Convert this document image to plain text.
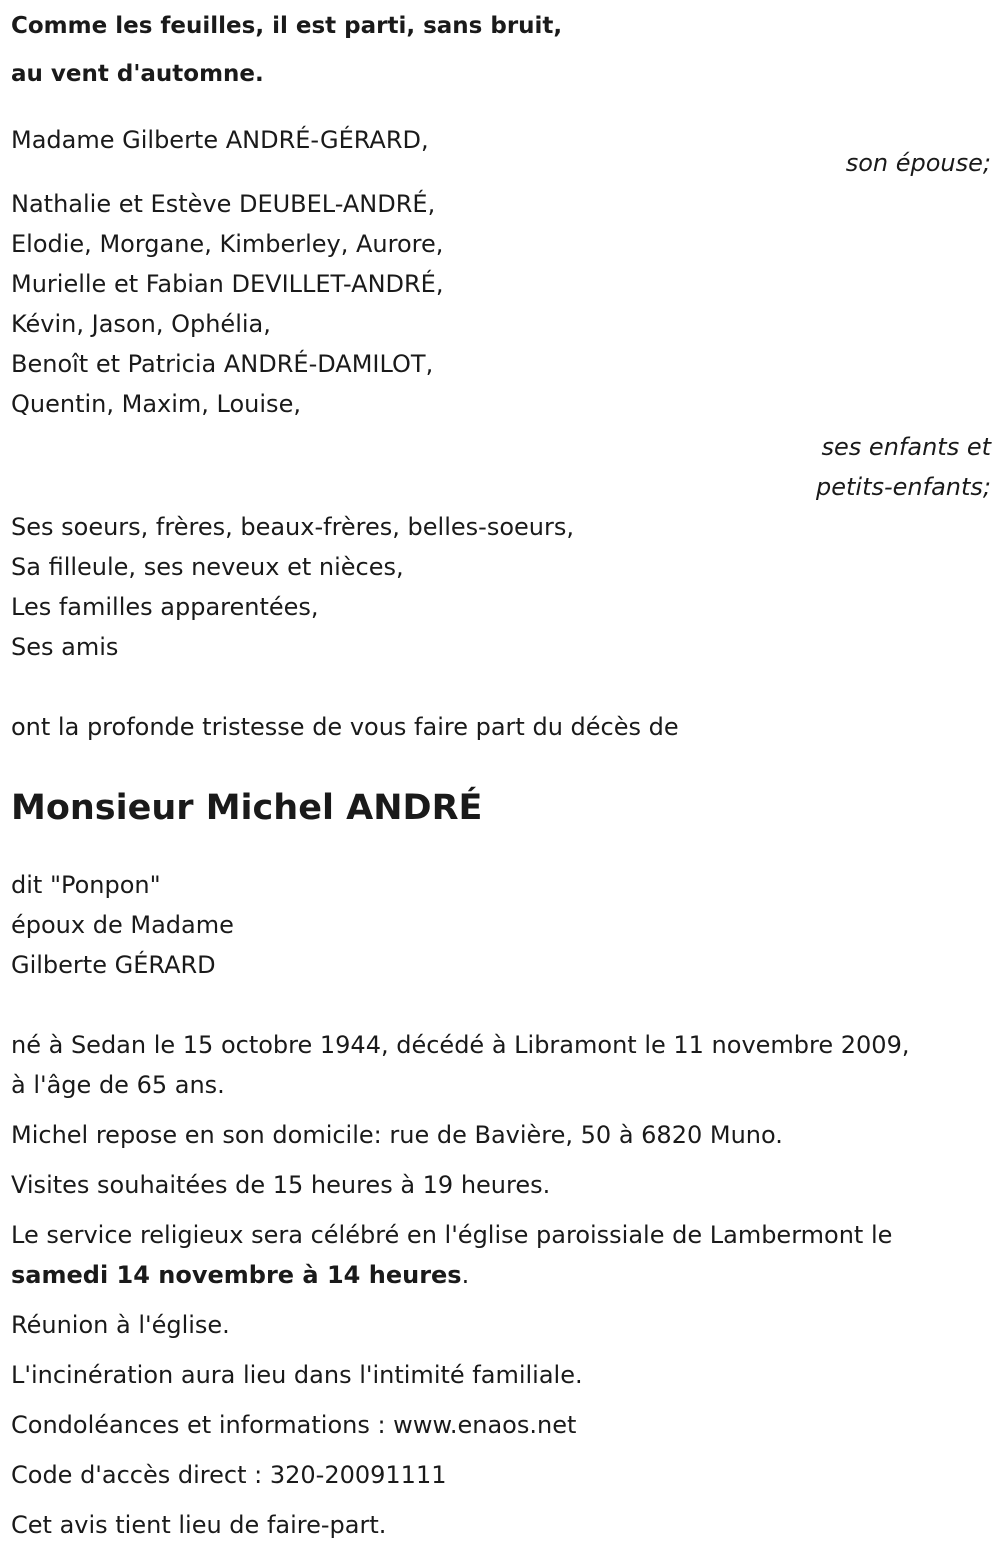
Comme les feuilles, il est parti, sans bruit,

au vent d'automne.

Madame Gilberte ANDRÉ-GÉRARD,

son épouse;

Nathalie et Estève DEUBEL-ANDRÉ,

Elodie, Morgane, Kimberley, Aurore,

Murielle et Fabian DEVILLET-ANDRÉ,

Kévin, Jason, Ophélia,

Benoît et Patricia ANDRÉ-DAMILOT,

Quentin, Maxim, Louise,

ses enfants et

petits-enfants;

Ses soeurs, frères, beaux-frères, belles-soeurs,

Sa filleule, ses neveux et nièces,

Les familles apparentées,

Ses amis

ont la profonde tristesse de vous faire part du décès de

Monsieur Michel ANDRÉ

dit "Ponpon"

époux de Madame

Gilberte GÉRARD

né à Sedan le 15 octobre 1944, décédé à Libramont le 11 novembre 2009,

à l'âge de 65 ans.

Michel repose en son domicile: rue de Bavière, 50 à 6820 Muno.

Visites souhaitées de 15 heures à 19 heures.

Le service religieux sera célébré en l'église paroissiale de Lambermont le

samedi 14 novembre à 14 heures.

Réunion à l'église.

L'incinération aura lieu dans l'intimité familiale.

Condoléances et informations : www.enaos.net

Code d'accès direct : 320-20091111

Cet avis tient lieu de faire-part.
